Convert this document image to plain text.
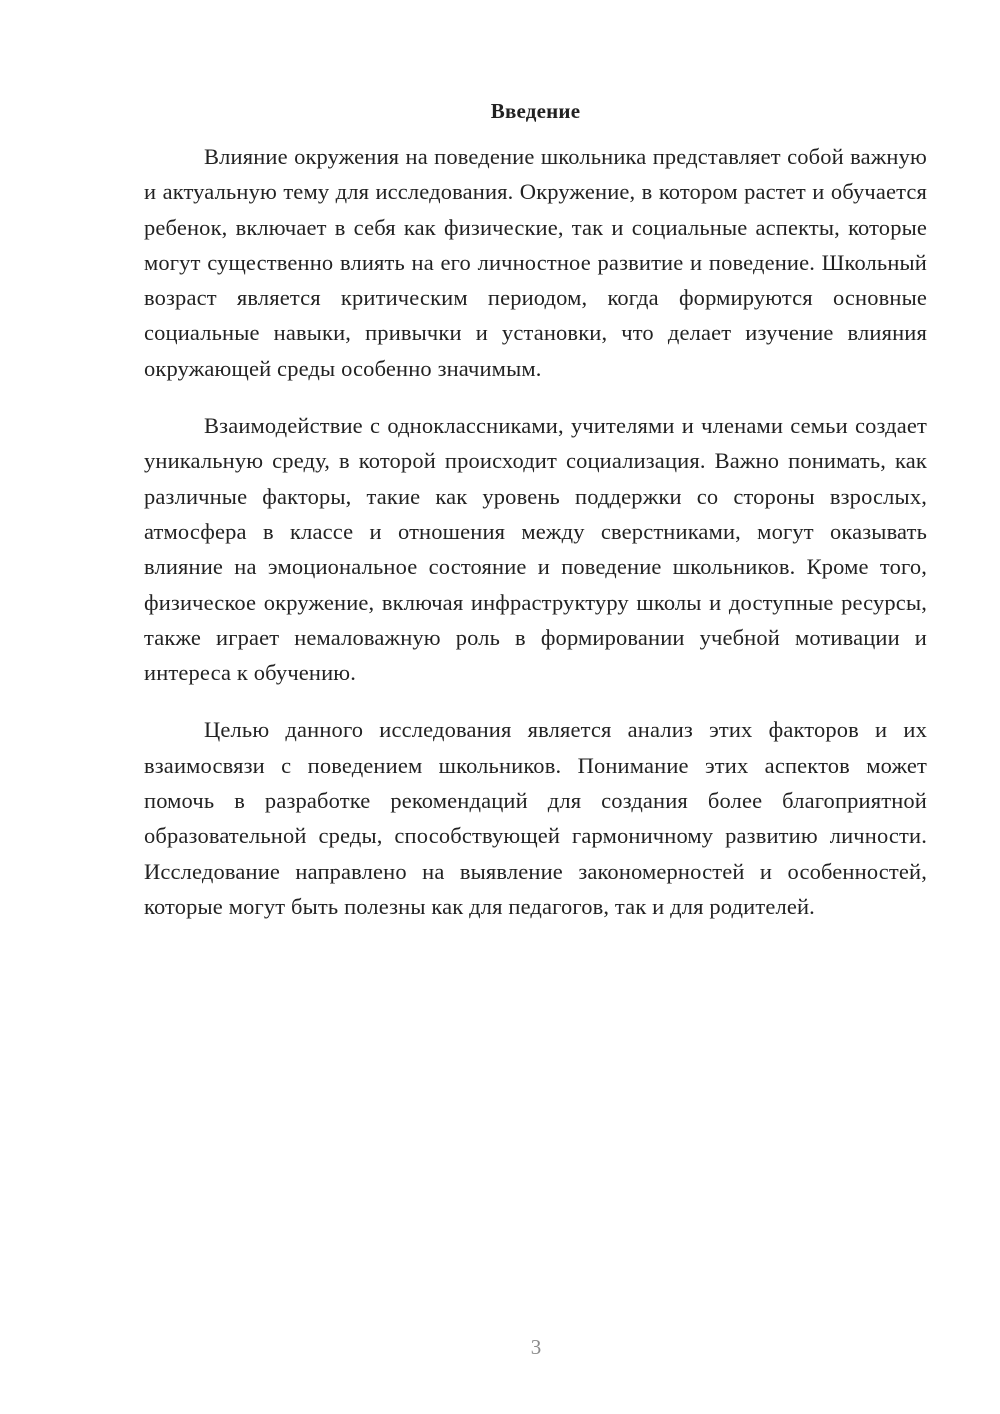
Введение

Влияние окружения на поведение школьника представляет собой важную и актуальную тему для исследования. Окружение, в котором растет и обучается ребенок, включает в себя как физические, так и социальные аспекты, которые могут существенно влиять на его личностное развитие и поведение. Школьный возраст является критическим периодом, когда формируются основные социальные навыки, привычки и установки, что делает изучение влияния окружающей среды особенно значимым.

Взаимодействие с одноклассниками, учителями и членами семьи создает уникальную среду, в которой происходит социализация. Важно понимать, как различные факторы, такие как уровень поддержки со стороны взрослых, атмосфера в классе и отношения между сверстниками, могут оказывать влияние на эмоциональное состояние и поведение школьников. Кроме того, физическое окружение, включая инфраструктуру школы и доступные ресурсы, также играет немаловажную роль в формировании учебной мотивации и интереса к обучению.

Целью данного исследования является анализ этих факторов и их взаимосвязи с поведением школьников. Понимание этих аспектов может помочь в разработке рекомендаций для создания более благоприятной образовательной среды, способствующей гармоничному развитию личности. Исследование направлено на выявление закономерностей и особенностей, которые могут быть полезны как для педагогов, так и для родителей.

3
